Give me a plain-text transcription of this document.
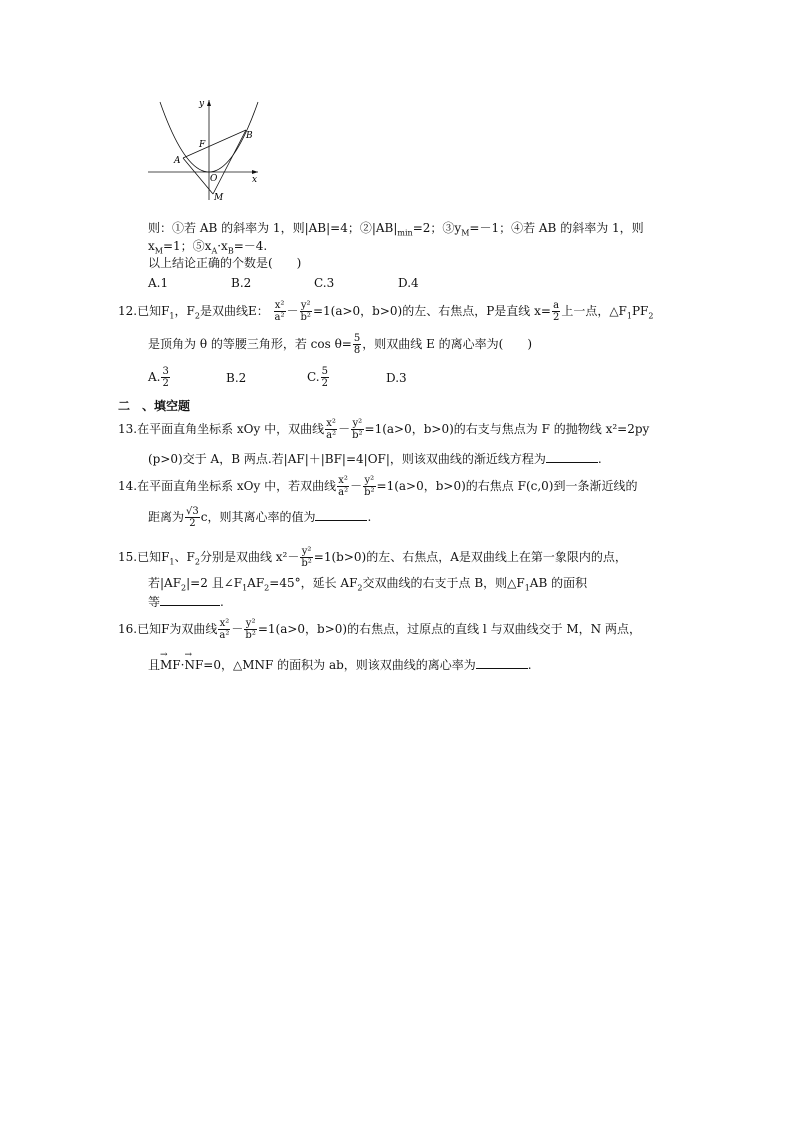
y
x
A
B
F
O
M
则：①若 AB 的斜率为 1，则|AB|=4；$②|AB|_{min}=2$；$③y_M=-1$；④若 AB 的斜率为 1，则
$x_M=1$；$⑤x_A\cdot x_B=-4$.
以上结论正确的个数是(　　)
A.1	B.2	C.3	D.4
12.已知$F_1$，$F_2$是双曲线E： $\frac{\text{x²}}{\text{a²}} - \frac{\text{y²}}{\text{b²}} =1(a>0$，b>0)的左、右焦点，P是直线 $x= \frac{a}{2}$ 上一点，$\triangle F_1PF_2$
是顶角为 θ 的等腰三角形，若 $\cos \theta= \frac{5}{8}$ ，则双曲线 E 的离心率为(　　)
A. $\frac{3}{2}$	B.2	C. $\frac{5}{2}$	D.3
二　、填空题
13.在平面直角坐标系 xOy 中，双曲线 $\frac{\text{x²}}{\text{a²}} - \frac{\text{y²}}{\text{b²}} =1(a>0$，b>0)的右支与焦点为 F 的抛物线 x²=2py
(p>0)交于 A，B 两点.若|AF|＋|BF|=4|OF|，则该双曲线的渐近线方程为	.
14.在平面直角坐标系 xOy 中，若双曲线 $\frac{\text{x²}}{\text{a²}} - \frac{\text{y²}}{\text{b²}} =1(a>0$，b>0)的右焦点 F(c,0)到一条渐近线的
距离为 $\frac{√3}{2}$ c，则其离心率的值为	.
15.已知$F_1$、$F_2$分别是双曲线 $x^2- \frac{\text{y²}}{\text{b²}} =1(b>0)$的左、右焦点，A是双曲线上在第一象限内的点，
若$|AF_2|=2$ 且$\angle F_1AF_2=45^\circ$，延长 $AF_2$交双曲线的右支于点 B，则$\triangle F_1AB$ 的面积
等	.
16.已知F为双曲线 $\frac{\text{x²}}{\text{a²}} - \frac{\text{y²}}{\text{b²}} =1(a>0$，b>0)的右焦点，过原点的直线 l 与双曲线交于 M，N 两点，
且→ MF·→ NF=0，△MNF 的面积为 ab，则该双曲线的离心率为	.
